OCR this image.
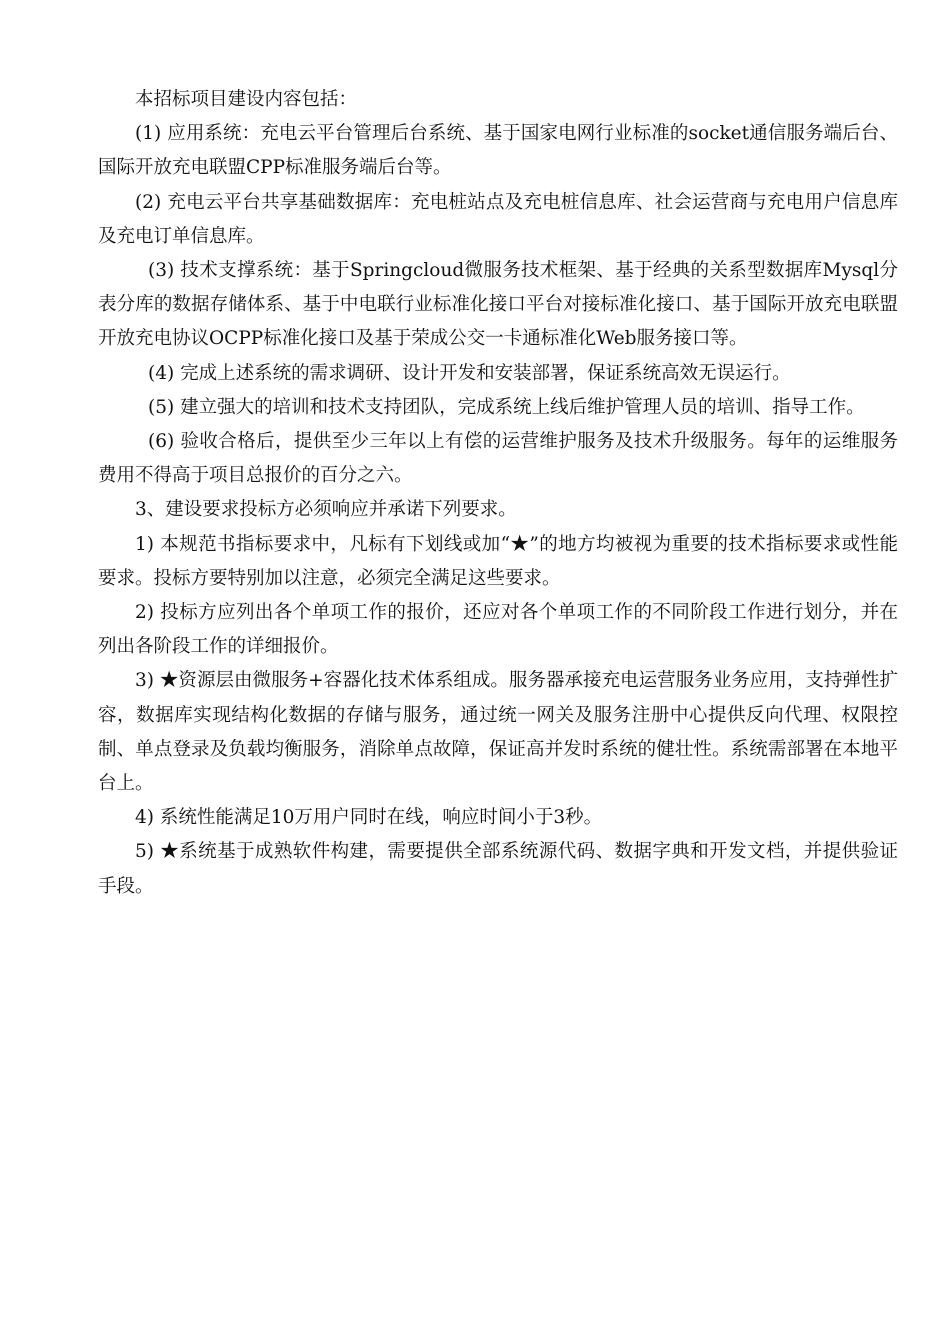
本招标项目建设内容包括：

(1) 应用系统：充电云平台管理后台系统、基于国家电网行业标准的socket通信服务端后台、国际开放充电联盟CPP标准服务端后台等。

(2) 充电云平台共享基础数据库：充电桩站点及充电桩信息库、社会运营商与充电用户信息库及充电订单信息库。

(3) 技术支撑系统：基于Springcloud微服务技术框架、基于经典的关系型数据库Mysql分表分库的数据存储体系、基于中电联行业标准化接口平台对接标准化接口、基于国际开放充电联盟开放充电协议OCPP标准化接口及基于荣成公交一卡通标准化Web服务接口等。

(4) 完成上述系统的需求调研、设计开发和安装部署，保证系统高效无误运行。

(5) 建立强大的培训和技术支持团队，完成系统上线后维护管理人员的培训、指导工作。

(6) 验收合格后，提供至少三年以上有偿的运营维护服务及技术升级服务。每年的运维服务费用不得高于项目总报价的百分之六。

3、建设要求投标方必须响应并承诺下列要求。

1) 本规范书指标要求中，凡标有下划线或加“★”的地方均被视为重要的技术指标要求或性能要求。投标方要特别加以注意，必须完全满足这些要求。

2) 投标方应列出各个单项工作的报价，还应对各个单项工作的不同阶段工作进行划分，并在列出各阶段工作的详细报价。

3) ★资源层由微服务+容器化技术体系组成。服务器承接充电运营服务业务应用，支持弹性扩容，数据库实现结构化数据的存储与服务，通过统一网关及服务注册中心提供反向代理、权限控制、单点登录及负载均衡服务，消除单点故障，保证高并发时系统的健壮性。系统需部署在本地平台上。

4) 系统性能满足10万用户同时在线，响应时间小于3秒。

5) ★系统基于成熟软件构建，需要提供全部系统源代码、数据字典和开发文档，并提供验证手段。
